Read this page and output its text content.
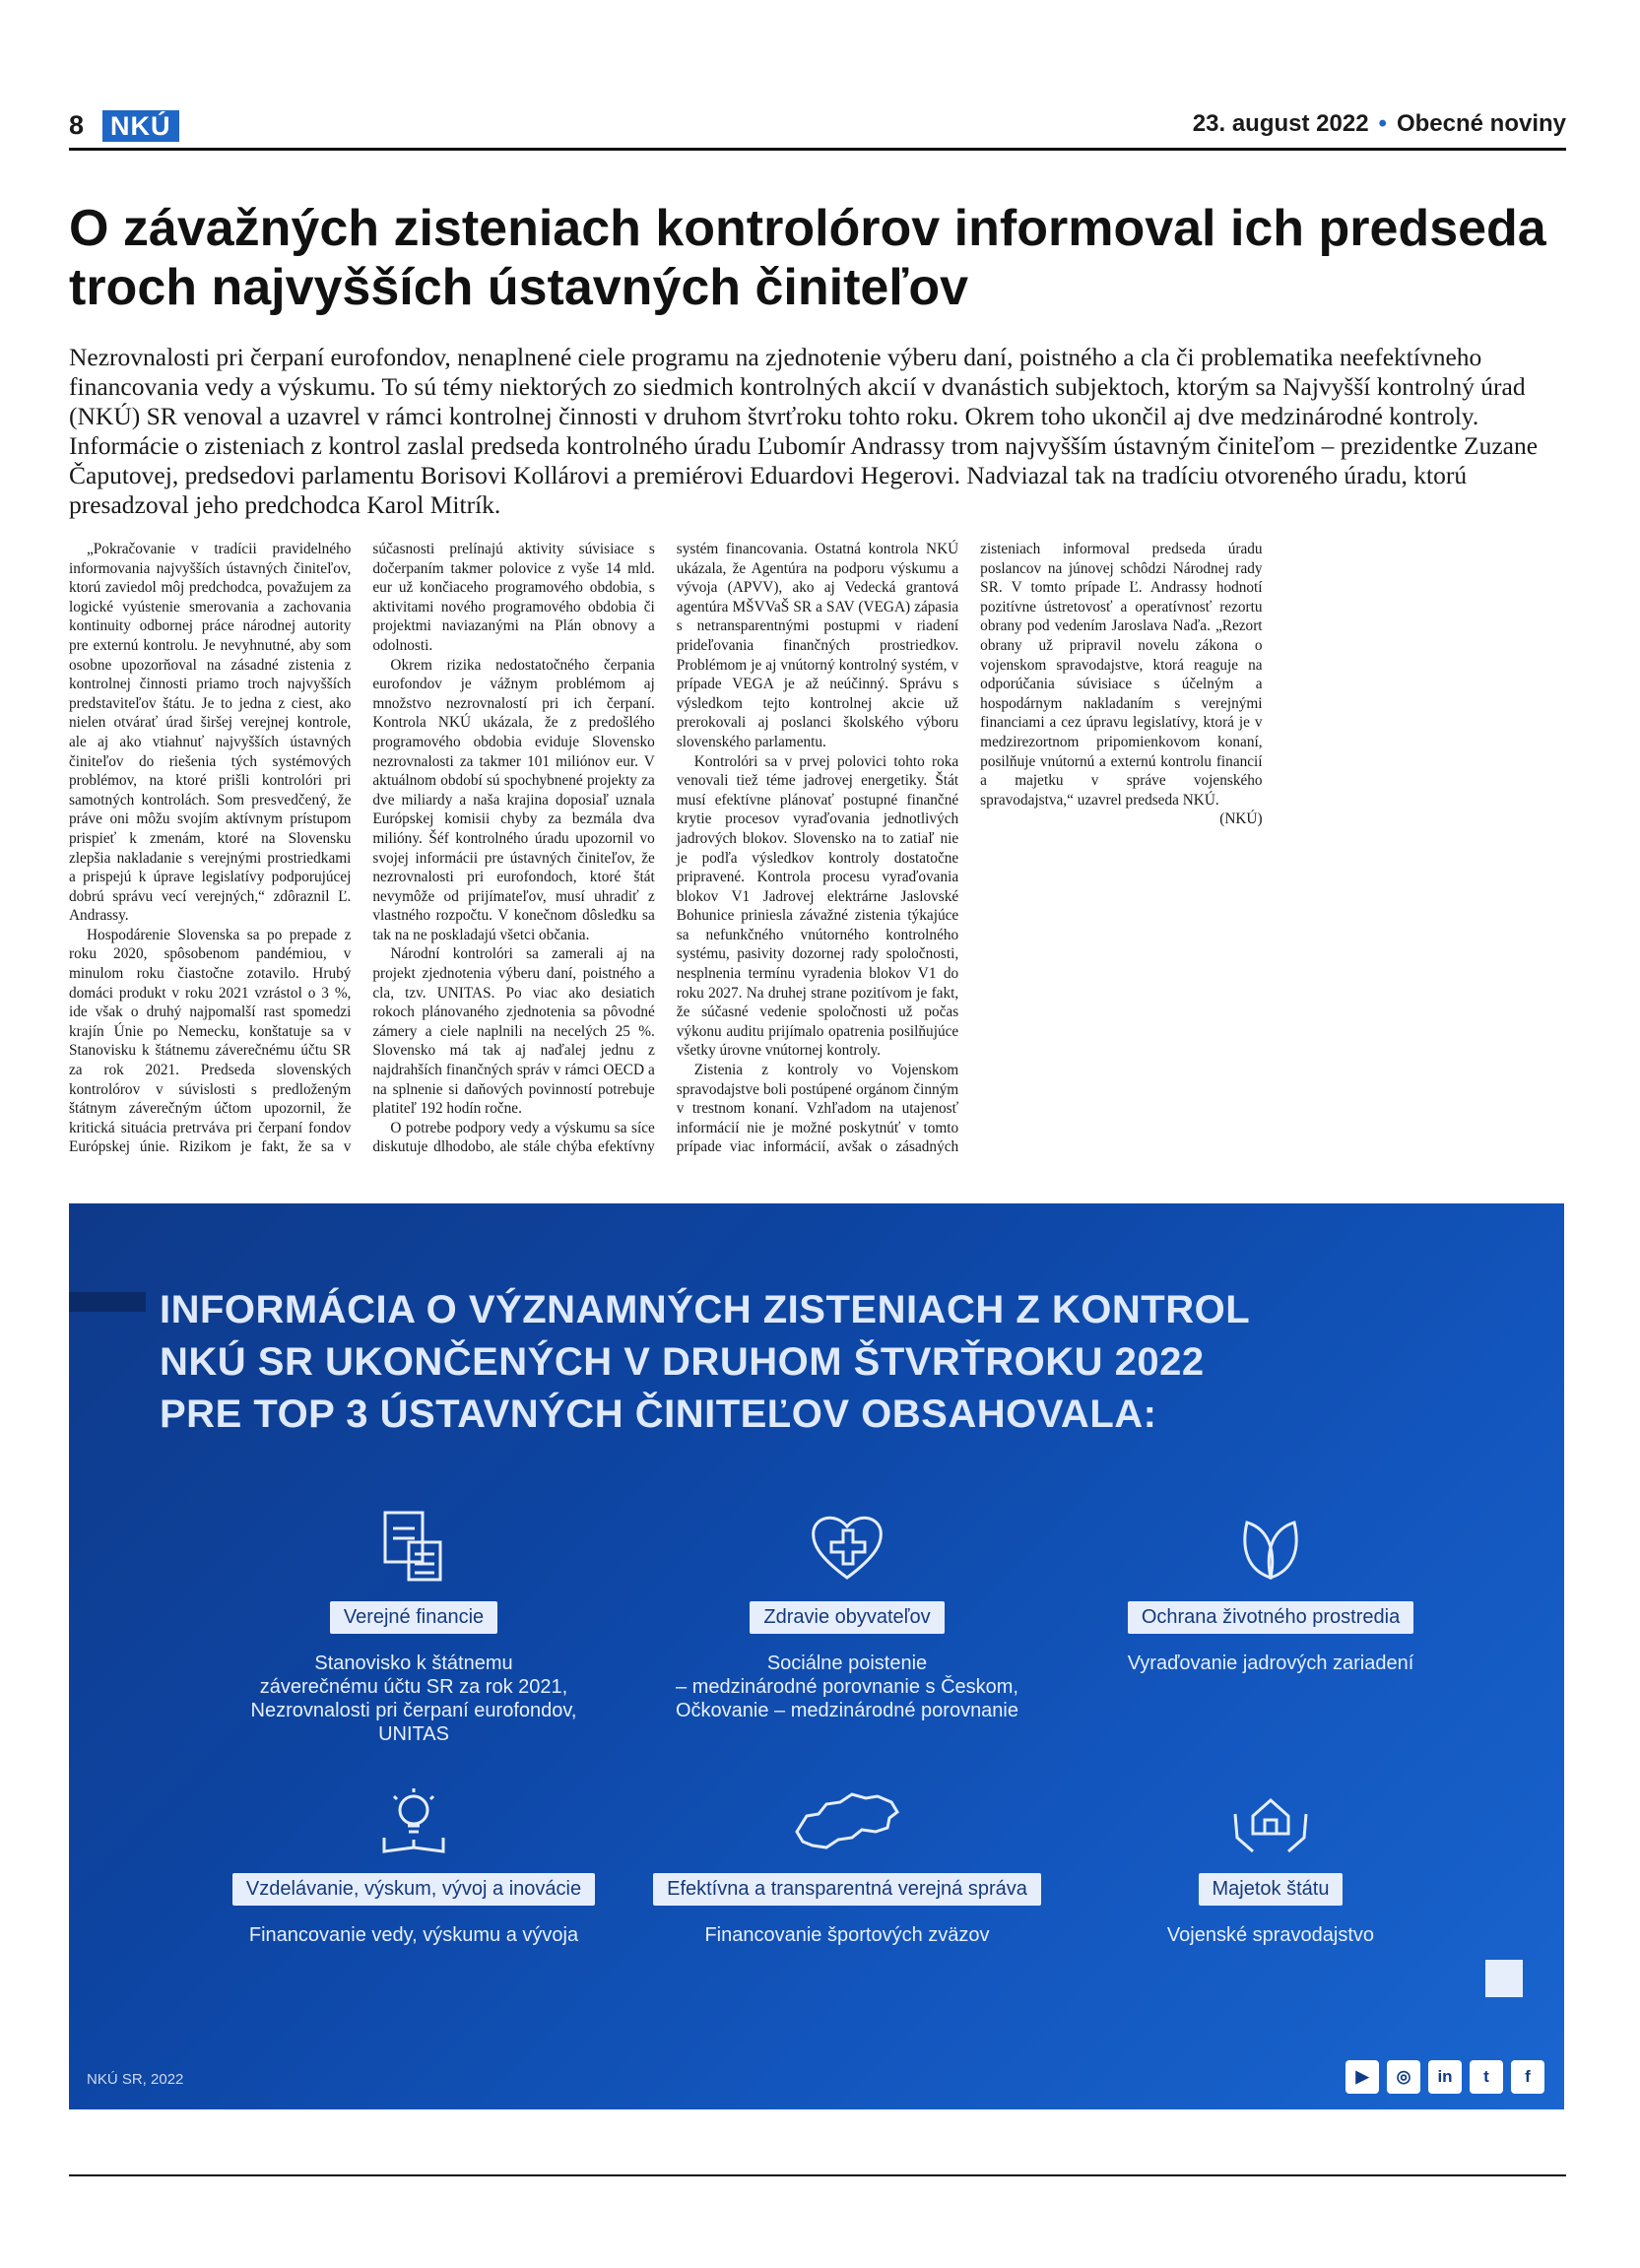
8 NKÚ	23. august 2022 • Obecné noviny
O závažných zisteniach kontrolórov informoval ich predseda troch najvyšších ústavných činiteľov

Nezrovnalosti pri čerpaní eurofondov, nenaplnené ciele programu na zjednotenie výberu daní, poistného a cla či problematika neefektívneho financovania vedy a výskumu. To sú témy niektorých zo siedmich kontrolných akcií v dvanástich subjektoch, ktorým sa Najvyšší kontrolný úrad (NKÚ) SR venoval a uzavrel v rámci kontrolnej činnosti v druhom štvrťroku tohto roku. Okrem toho ukončil aj dve medzinárodné kontroly. Informácie o zisteniach z kontrol zaslal predseda kontrolného úradu Ľubomír Andrassy trom najvyšším ústavným činiteľom – prezidentke Zuzane Čaputovej, predsedovi parlamentu Borisovi Kollárovi a premiérovi Eduardovi Hegerovi. Nadviazal tak na tradíciu otvoreného úradu, ktorú presadzoval jeho predchodca Karol Mitrík.

„Pokračovanie v tradícii pravidelného informovania najvyšších ústavných činiteľov, ktorú zaviedol môj predchodca, považujem za logické vyústenie smerovania a zachovania kontinuity odbornej práce národnej autority pre externú kontrolu. Je nevyhnutné, aby som osobne upozorňoval na zásadné zistenia z kontrolnej činnosti priamo troch najvyšších predstaviteľov štátu. Je to jedna z ciest, ako nielen otvárať úrad širšej verejnej kontrole, ale aj ako vtiahnuť najvyšších ústavných činiteľov do riešenia tých systémových problémov, na ktoré prišli kontrolóri pri samotných kontrolách. Som presvedčený, že práve oni môžu svojím aktívnym prístupom prispieť k zmenám, ktoré na Slovensku zlepšia nakladanie s verejnými prostriedkami a prispejú k úprave legislatívy podporujúcej dobrú správu vecí verejných,“ zdôraznil Ľ. Andrassy.

Hospodárenie Slovenska sa po prepade z roku 2020, spôsobenom pandémiou, v minulom roku čiastočne zotavilo. Hrubý domáci produkt v roku 2021 vzrástol o 3 %, ide však o druhý najpomalší rast spomedzi krajín Únie po Nemecku, konštatuje sa v Stanovisku k štátnemu záverečnému účtu SR za rok 2021. Predseda slovenských kontrolórov v súvislosti s predloženým štátnym záverečným účtom upozornil, že kritická situácia pretrváva pri čerpaní fondov Európskej únie. Rizikom je fakt, že sa v súčasnosti prelínajú aktivity súvisiace s dočerpaním takmer polovice z vyše 14 mld. eur už končiaceho programového obdobia, s aktivitami nového programového obdobia či projektmi naviazanými na Plán obnovy a odolnosti.

Okrem rizika nedostatočného čerpania eurofondov je vážnym problémom aj množstvo nezrovnalostí pri ich čerpaní. Kontrola NKÚ ukázala, že z predošlého programového obdobia eviduje Slovensko nezrovnalosti za takmer 101 miliónov eur. V aktuálnom období sú spochybnené projekty za dve miliardy a naša krajina doposiaľ uznala Európskej komisii chyby za bezmála dva milióny. Šéf kontrolného úradu upozornil vo svojej informácii pre ústavných činiteľov, že nezrovnalosti pri eurofondoch, ktoré štát nevymôže od prijímateľov, musí uhradiť z vlastného rozpočtu. V konečnom dôsledku sa tak na ne poskladajú všetci občania.

Národní kontrolóri sa zamerali aj na projekt zjednotenia výberu daní, poistného a cla, tzv. UNITAS. Po viac ako desiatich rokoch plánovaného zjednotenia sa pôvodné zámery a ciele naplnili na necelých 25 %. Slovensko má tak aj naďalej jednu z najdrahších finančných správ v rámci OECD a na splnenie si daňových povinností potrebuje platiteľ 192 hodín ročne.

O potrebe podpory vedy a výskumu sa síce diskutuje dlhodobo, ale stále chýba efektívny systém financovania. Ostatná kontrola NKÚ ukázala, že Agentúra na podporu výskumu a vývoja (APVV), ako aj Vedecká grantová agentúra MŠVVaŠ SR a SAV (VEGA) zápasia s netransparentnými postupmi v riadení prideľovania finančných prostriedkov. Problémom je aj vnútorný kontrolný systém, v prípade VEGA je až neúčinný. Správu s výsledkom tejto kontrolnej akcie už prerokovali aj poslanci školského výboru slovenského parlamentu.

Kontrolóri sa v prvej polovici tohto roka venovali tiež téme jadrovej energetiky. Štát musí efektívne plánovať postupné finančné krytie procesov vyraďovania jednotlivých jadrových blokov. Slovensko na to zatiaľ nie je podľa výsledkov kontroly dostatočne pripravené. Kontrola procesu vyraďovania blokov V1 Jadrovej elektrárne Jaslovské Bohunice priniesla závažné zistenia týkajúce sa nefunkčného vnútorného kontrolného systému, pasivity dozornej rady spoločnosti, nesplnenia termínu vyradenia blokov V1 do roku 2027. Na druhej strane pozitívom je fakt, že súčasné vedenie spoločnosti už počas výkonu auditu prijímalo opatrenia posilňujúce všetky úrovne vnútornej kontroly.

Zistenia z kontroly vo Vojenskom spravodajstve boli postúpené orgánom činným v trestnom konaní. Vzhľadom na utajenosť informácií nie je možné poskytnúť v tomto prípade viac informácií, avšak o zásadných zisteniach informoval predseda úradu poslancov na júnovej schôdzi Národnej rady SR. V tomto prípade Ľ. Andrassy hodnotí pozitívne ústretovosť a operatívnosť rezortu obrany pod vedením Jaroslava Naďa. „Rezort obrany už pripravil novelu zákona o vojenskom spravodajstve, ktorá reaguje na odporúčania súvisiace s účelným a hospodárnym nakladaním s verejnými financiami a cez úpravu legislatívy, ktorá je v medzirezortnom pripomienkovom konaní, posilňuje vnútornú a externú kontrolu financií a majetku v správe vojenského spravodajstva,“ uzavrel predseda NKÚ.

(NKÚ)

INFORMÁCIA O VÝZNAMNÝCH ZISTENIACH Z KONTROL
NKÚ SR UKONČENÝCH V DRUHOM ŠTVRŤROKU 2022
PRE TOP 3 ÚSTAVNÝCH ČINITEĽOV OBSAHOVALA:
Verejné financie
Stanovisko k štátnemu
záverečnému účtu SR za rok 2021,
Nezrovnalosti pri čerpaní eurofondov,
UNITAS
Zdravie obyvateľov
Sociálne poistenie
– medzinárodné porovnanie s Českom,
Očkovanie – medzinárodné porovnanie
Ochrana životného prostredia
Vyraďovanie jadrových zariadení
Vzdelávanie, výskum, vývoj a inovácie
Financovanie vedy, výskumu a vývoja
Efektívna a transparentná verejná správa
Financovanie športových zväzov
Majetok štátu
Vojenské spravodajstvo
NKÚ SR, 2022	▶	◎	in	t	f
